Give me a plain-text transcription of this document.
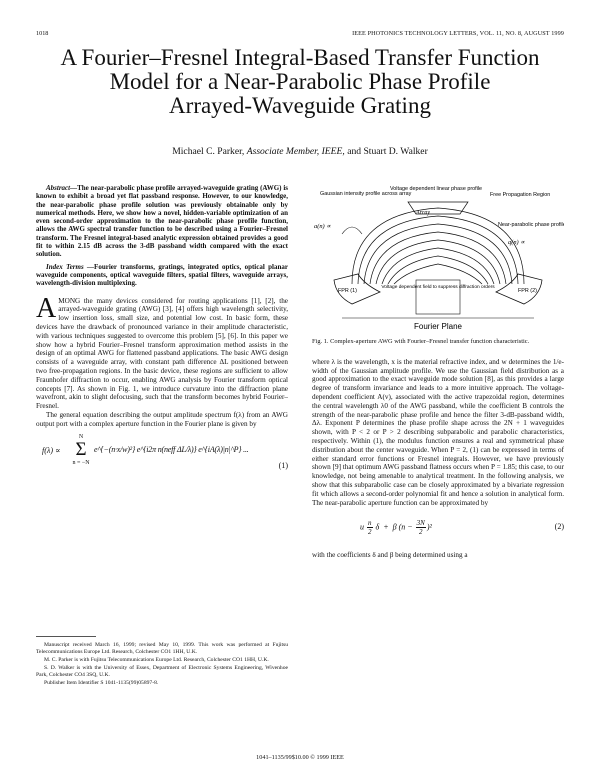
1018	IEEE PHOTONICS TECHNOLOGY LETTERS, VOL. 11, NO. 8, AUGUST 1999
A Fourier–Fresnel Integral-Based Transfer Function
Model for a Near-Parabolic Phase Profile
Arrayed-Waveguide Grating
Michael C. Parker, Associate Member, IEEE, and Stuart D. Walker

Abstract—The near-parabolic phase profile arrayed-waveguide grating (AWG) is known to exhibit a broad yet flat passband response. However, to our knowledge, the near-parabolic phase profile solution was previously obtainable only by numerical methods. Here, we show how a novel, hidden-variable optimization of an even second-order approximation to the near-parabolic phase profile function, allows the AWG spectral transfer function to be described using a Fourier–Fresnel transform. The Fresnel integral-based analytic expression obtained provides a good fit to within 2.15 dB across the 3-dB passband width compared with the exact solution.

Index Terms —Fourier transforms, gratings, integrated optics, optical planar waveguide components, optical waveguide filters, spatial filters, waveguide arrays, wavelength-division multiplexing.

AMONG the many devices considered for routing applications [1], [2], the arrayed-waveguide grating (AWG) [3], [4] offers high wavelength selectivity, low insertion loss, small size, and potential low cost. In basic form, these devices have the drawback of pronounced variance in their amplitude characteristic, with various techniques suggested to overcome this problem [5], [6]. In this paper we show how a hybrid Fourier–Fresnel transform approximation method assists in the design of an optimal AWG for flattened passband applications. The basic AWG design consists of a waveguide array, with constant path difference ΔL positioned between two free-propagation regions. In the basic device, these regions are sufficient to allow Fraunhofer diffraction to occur, enabling AWG analysis by Fourier transform optical concepts [7]. As shown in Fig. 1, we introduce curvature into the diffraction plane wavefront, akin to slight defocusing, such that the transform becomes hybrid Fourier–Fresnel.

The general equation describing the output amplitude spectrum f(λ) from an AWG output port with a complex aperture function in the Fourier plane is given by

f(λ) ∝
N
Σ
n = −N
e^{−(n·x/w)²} e^{i2π n(neff ΔL/λ)} e^{iA(λ)|n|^P} ...
(1)

Manuscript received March 16, 1999; revised May 10, 1999. This work was performed at Fujitsu Telecommunications Europe Ltd. Research, Colchester CO1 1HH, U.K.

M. C. Parker is with Fujitsu Telecommunications Europe Ltd. Research, Colchester CO1 1HH, U.K.

S. D. Walker is with the University of Essex, Department of Electronic Systems Engineering, Wivenhoe Park, Colchester CO4 3SQ, U.K.

Publisher Item Identifier S 1041-1135(99)05897-8.

Gaussian intensity profile across array
Voltage dependent linear phase profile
Array
Free Propagation Region
Near-parabolic phase profile
a(n) ∝
q(n) ∝
FPR (1)	FPR (2)
Voltage dependent field to suppress diffraction orders
Fourier Plane

Fig. 1. Complex-aperture AWG with Fourier–Fresnel transfer function characteristic.

where λ is the wavelength, x is the material refractive index, and w determines the 1/e-width of the Gaussian amplitude profile. We use the Gaussian field distribution as a good approximation to the exact waveguide mode solution [8], as this provides a large degree of transform invariance and leads to a more intuitive approach. The voltage-dependent coefficient A(v), associated with the active trapezoidal region, determines the central wavelength λ0 of the AWG passband, while the coefficient B controls the strength of the near-parabolic phase profile and hence the filter 3-dB-passband width, Δλ. Exponent P determines the phase profile shape across the 2N + 1 waveguides shown, with P < 2 or P > 2 describing subparabolic and parabolic characteristics, respectively. Within (1), the modulus function ensures a real and symmetrical phase distribution about the center waveguide. When P = 2, (1) can be expressed in terms of either standard error functions or Fresnel integrals. However, we have previously shown [9] that optimum AWG passband flatness occurs when P = 1.85; this case, to our knowledge, not being amenable to analytical treatment. In the following analysis, we show that this subparabolic case can be closely approximated by a bivariate regression fit which allows a second-order polynomial fit and hence a solution in analytical form. The near-parabolic aperture function can be approximated by

u $\frac{n}{2}$ δ  +  β $(n - \frac{3N}{2} )^2$	(2)

with the coefficients δ and β being determined using a

1041–1135/99$10.00 © 1999 IEEE
